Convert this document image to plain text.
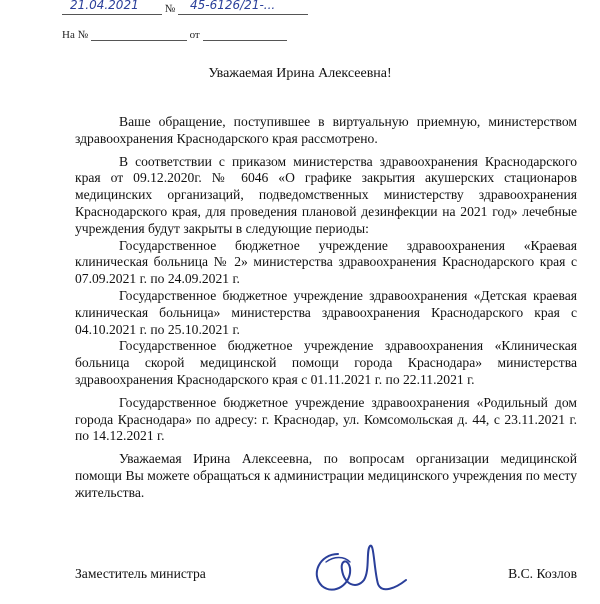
№
21.04.2021	45-6126/21-...
На №	от
Уважаемая Ирина Алексеевна!

Ваше обращение, поступившее в виртуальную приемную, министерством здравоохранения Краснодарского края рассмотрено.

В соответствии с приказом министерства здравоохранения Краснодарского края от 09.12.2020г. № 6046 «О графике закрытия акушерских стационаров медицинских организаций, подведомственных министерству здравоохранения Краснодарского края, для проведения плановой дезинфекции на 2021 год» лечебные учреждения будут закрыты в следующие периоды:

Государственное бюджетное учреждение здравоохранения «Краевая клиническая больница № 2» министерства здравоохранения Краснодарского края с 07.09.2021 г. по 24.09.2021 г.

Государственное бюджетное учреждение здравоохранения «Детская краевая клиническая больница» министерства здравоохранения Краснодарского края с 04.10.2021 г. по 25.10.2021 г.

Государственное бюджетное учреждение здравоохранения «Клиническая больница скорой медицинской помощи города Краснодара» министерства здравоохранения Краснодарского края с 01.11.2021 г. по 22.11.2021 г.

Государственное бюджетное учреждение здравоохранения «Родильный дом города Краснодара» по адресу: г. Краснодар, ул. Комсомольская д. 44, с 23.11.2021 г. по 14.12.2021 г.

Уважаемая Ирина Алексеевна, по вопросам организации медицинской помощи Вы можете обращаться к администрации медицинского учреждения по месту жительства.

Заместитель министра	В.С. Козлов
